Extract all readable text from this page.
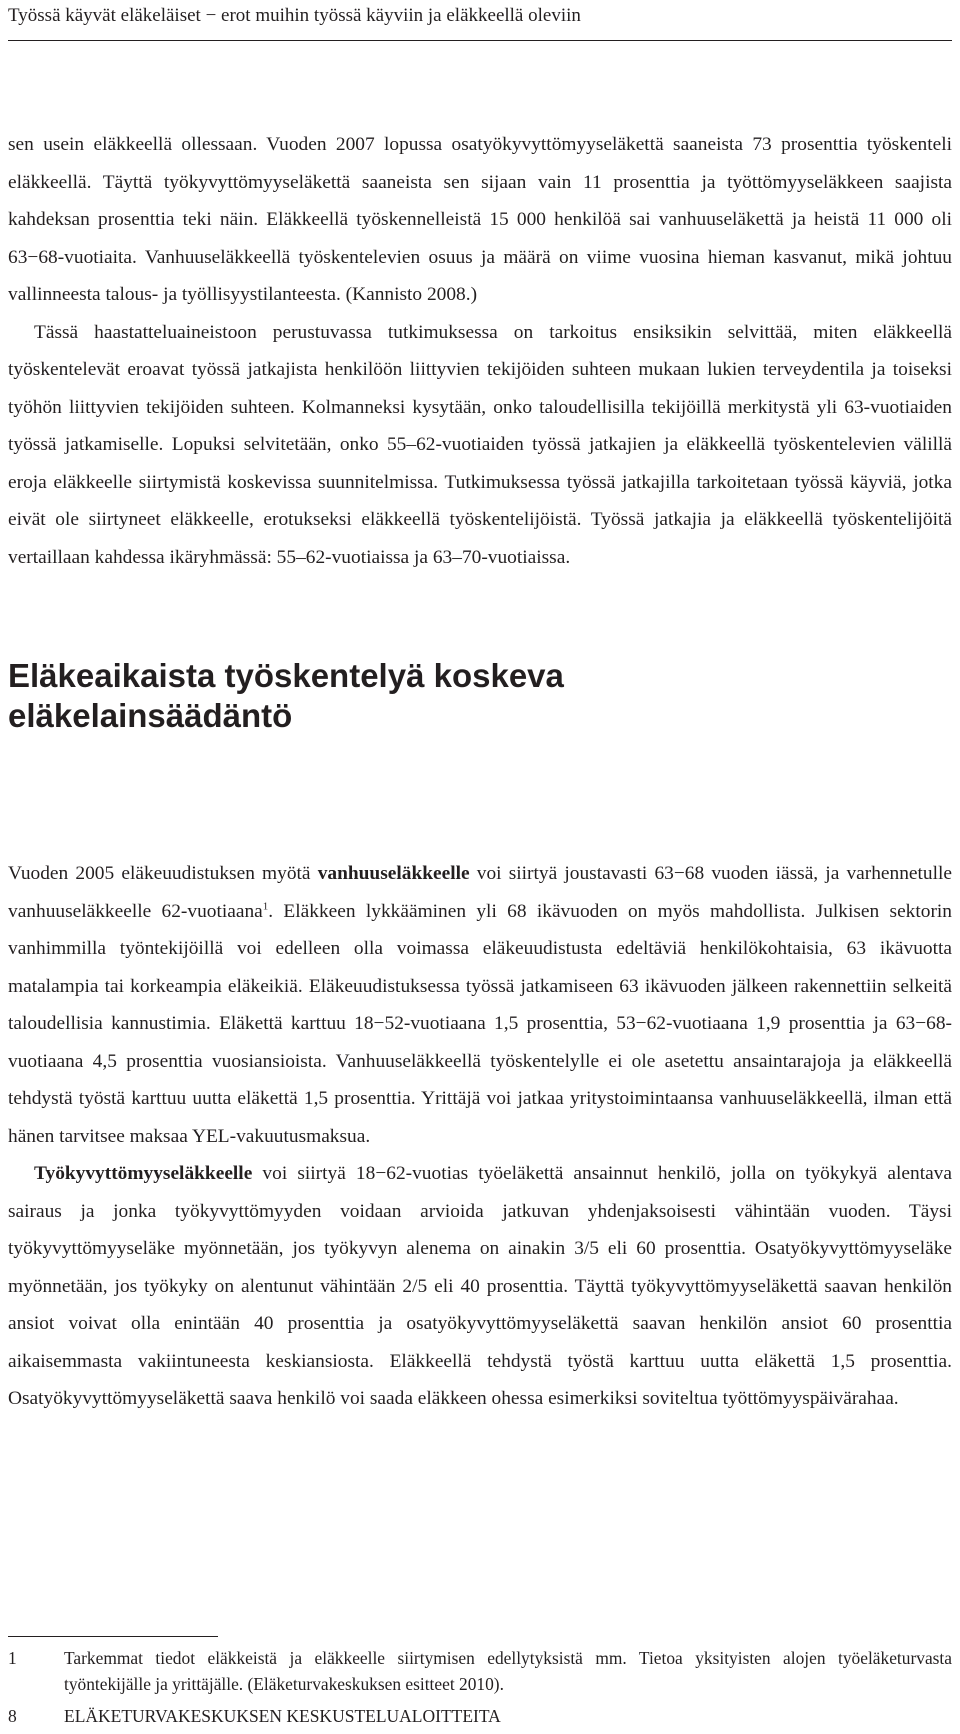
Työssä käyvät eläkeläiset − erot muihin työssä käyviin ja eläkkeellä oleviin

sen usein eläkkeellä ollessaan. Vuoden 2007 lopussa osatyökyvyttömyyseläkettä saaneista 73 prosenttia työskenteli eläkkeellä. Täyttä työkyvyttömyyseläkettä saaneista sen sijaan vain 11 prosenttia ja työttömyyseläkkeen saajista kahdeksan prosenttia teki näin. Eläkkeellä työskennelleistä 15 000 henkilöä sai vanhuuseläkettä ja heistä 11 000 oli 63−68-vuotiaita. Vanhuuseläkkeellä työskentelevien osuus ja määrä on viime vuosina hieman kasvanut, mikä johtuu vallinneesta talous- ja työllisyystilanteesta. (Kannisto 2008.)

Tässä haastatteluaineistoon perustuvassa tutkimuksessa on tarkoitus ensiksikin selvittää, miten eläkkeellä työskentelevät eroavat työssä jatkajista henkilöön liittyvien tekijöiden suhteen mukaan lukien terveydentila ja toiseksi työhön liittyvien tekijöiden suhteen. Kolmanneksi kysytään, onko taloudellisilla tekijöillä merkitystä yli 63-vuotiaiden työssä jatkamiselle. Lopuksi selvitetään, onko 55–62-vuotiaiden työssä jatkajien ja eläkkeellä työskentelevien välillä eroja eläkkeelle siirtymistä koskevissa suunnitelmissa. Tutkimuksessa työssä jatkajilla tarkoitetaan työssä käyviä, jotka eivät ole siirtyneet eläkkeelle, erotukseksi eläkkeellä työskentelijöistä. Työssä jatkajia ja eläkkeellä työskentelijöitä vertaillaan kahdessa ikäryhmässä: 55–62-vuotiaissa ja 63–70-vuotiaissa.

Eläkeaikaista työskentelyä koskeva
eläkelainsäädäntö

Vuoden 2005 eläkeuudistuksen myötä vanhuuseläkkeelle voi siirtyä joustavasti 63−68 vuoden iässä, ja varhennetulle vanhuuseläkkeelle 62-vuotiaana$^1$. Eläkkeen lykkääminen yli 68 ikävuoden on myös mahdollista. Julkisen sektorin vanhimmilla työntekijöillä voi edelleen olla voimassa eläkeuudistusta edeltäviä henkilökohtaisia, 63 ikävuotta matalampia tai korkeampia eläkeikiä. Eläkeuudistuksessa työssä jatkamiseen 63 ikävuoden jälkeen rakennettiin selkeitä taloudellisia kannustimia. Eläkettä karttuu 18−52-vuotiaana 1,5 prosenttia, 53−62-vuotiaana 1,9 prosenttia ja 63−68-vuotiaana 4,5 prosenttia vuosiansioista. Vanhuuseläkkeellä työskentelylle ei ole asetettu ansaintarajoja ja eläkkeellä tehdystä työstä karttuu uutta eläkettä 1,5 prosenttia. Yrittäjä voi jatkaa yritystoimintaansa vanhuuseläkkeellä, ilman että hänen tarvitsee maksaa YEL-vakuutusmaksua.

Työkyvyttömyyseläkkeelle voi siirtyä 18−62-vuotias työeläkettä ansainnut henkilö, jolla on työkykyä alentava sairaus ja jonka työkyvyttömyyden voidaan arvioida jatkuvan yhdenjaksoisesti vähintään vuoden. Täysi työkyvyttömyyseläke myönnetään, jos työkyvyn alenema on ainakin 3/5 eli 60 prosenttia. Osatyökyvyttömyyseläke myönnetään, jos työkyky on alentunut vähintään 2/5 eli 40 prosenttia. Täyttä työkyvyttömyyseläkettä saavan henkilön ansiot voivat olla enintään 40 prosenttia ja osatyökyvyttömyyseläkettä saavan henkilön ansiot 60 prosenttia aikaisemmasta vakiintuneesta keskiansiosta. Eläkkeellä tehdystä työstä karttuu uutta eläkettä 1,5 prosenttia. Osatyökyvyttömyyseläkettä saava henkilö voi saada eläkkeen ohessa esimerkiksi soviteltua työttömyyspäivärahaa.

1	Tarkemmat tiedot eläkkeistä ja eläkkeelle siirtymisen edellytyksistä mm. Tietoa yksityisten alojen työeläketurvasta työntekijälle ja yrittäjälle. (Eläketurvakeskuksen esitteet 2010).
8	ELÄKETURVAKESKUKSEN KESKUSTELUALOITTEITA
